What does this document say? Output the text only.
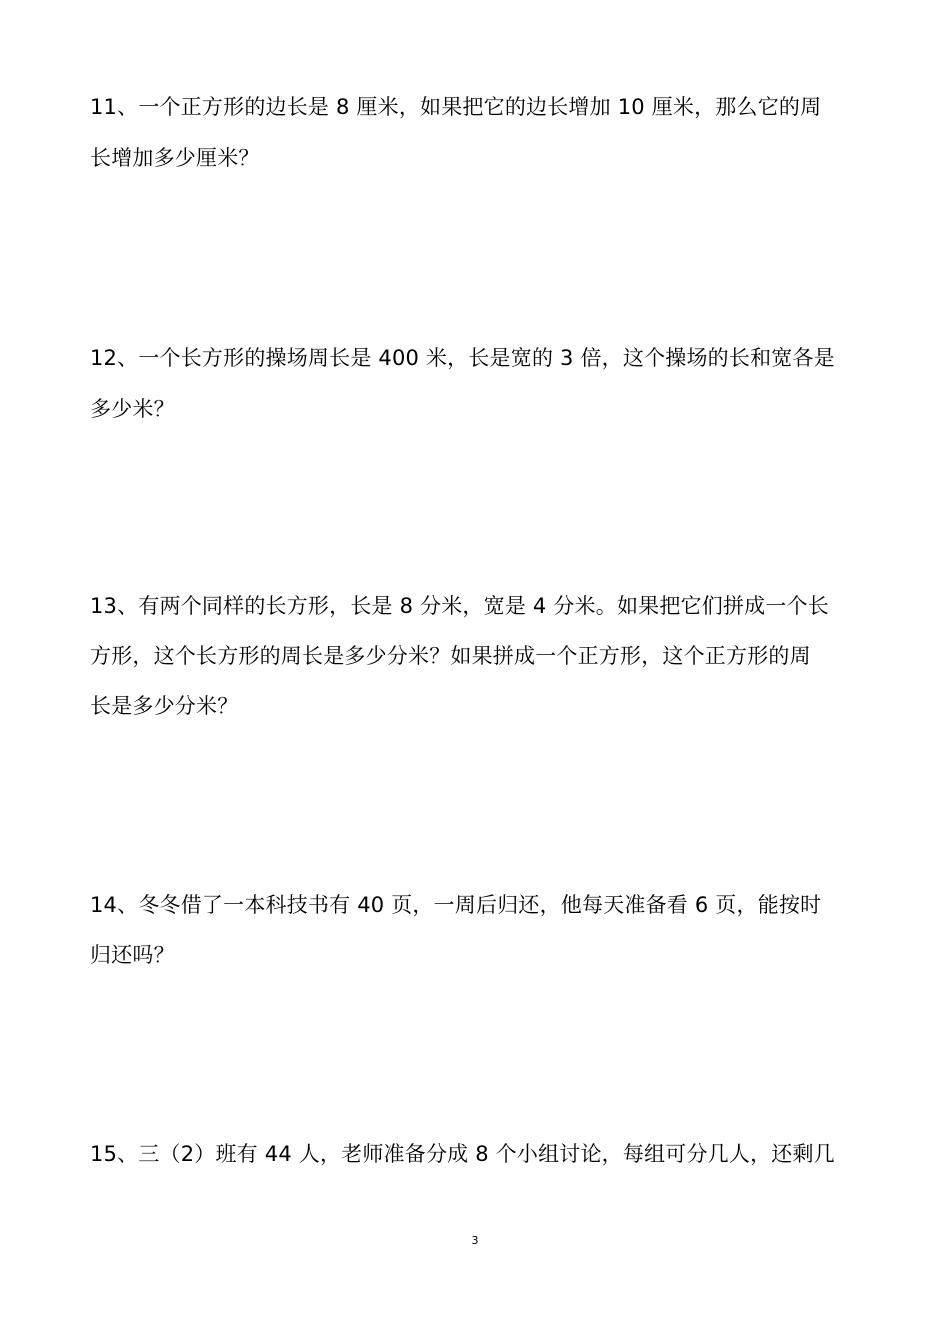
11、一个正方形的边长是 8 厘米，如果把它的边长增加 10 厘米，那么它的周
长增加多少厘米？
12、一个长方形的操场周长是 400 米，长是宽的 3 倍，这个操场的长和宽各是
多少米？
13、有两个同样的长方形，长是 8 分米，宽是 4 分米。如果把它们拼成一个长
方形，这个长方形的周长是多少分米？如果拼成一个正方形，这个正方形的周
长是多少分米？
14、冬冬借了一本科技书有 40 页，一周后归还，他每天准备看 6 页，能按时
归还吗？
15、三（2）班有 44 人，老师准备分成 8 个小组讨论，每组可分几人，还剩几
3
